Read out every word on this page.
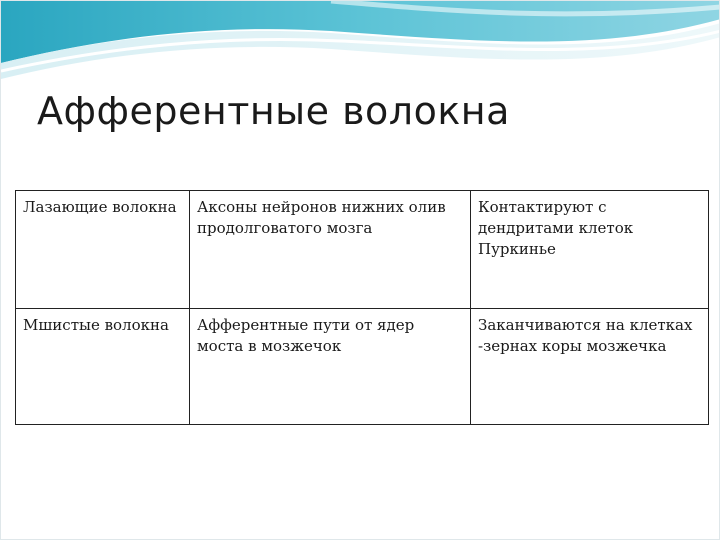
Афферентные волокна
Лазающие волокна	Аксоны нейронов нижних олив продолговатого мозга	Контактируют с дендритами клеток Пуркинье
Мшистые волокна	Афферентные пути от ядер моста в мозжечок	Заканчиваются на клетках -зернах коры мозжечка
